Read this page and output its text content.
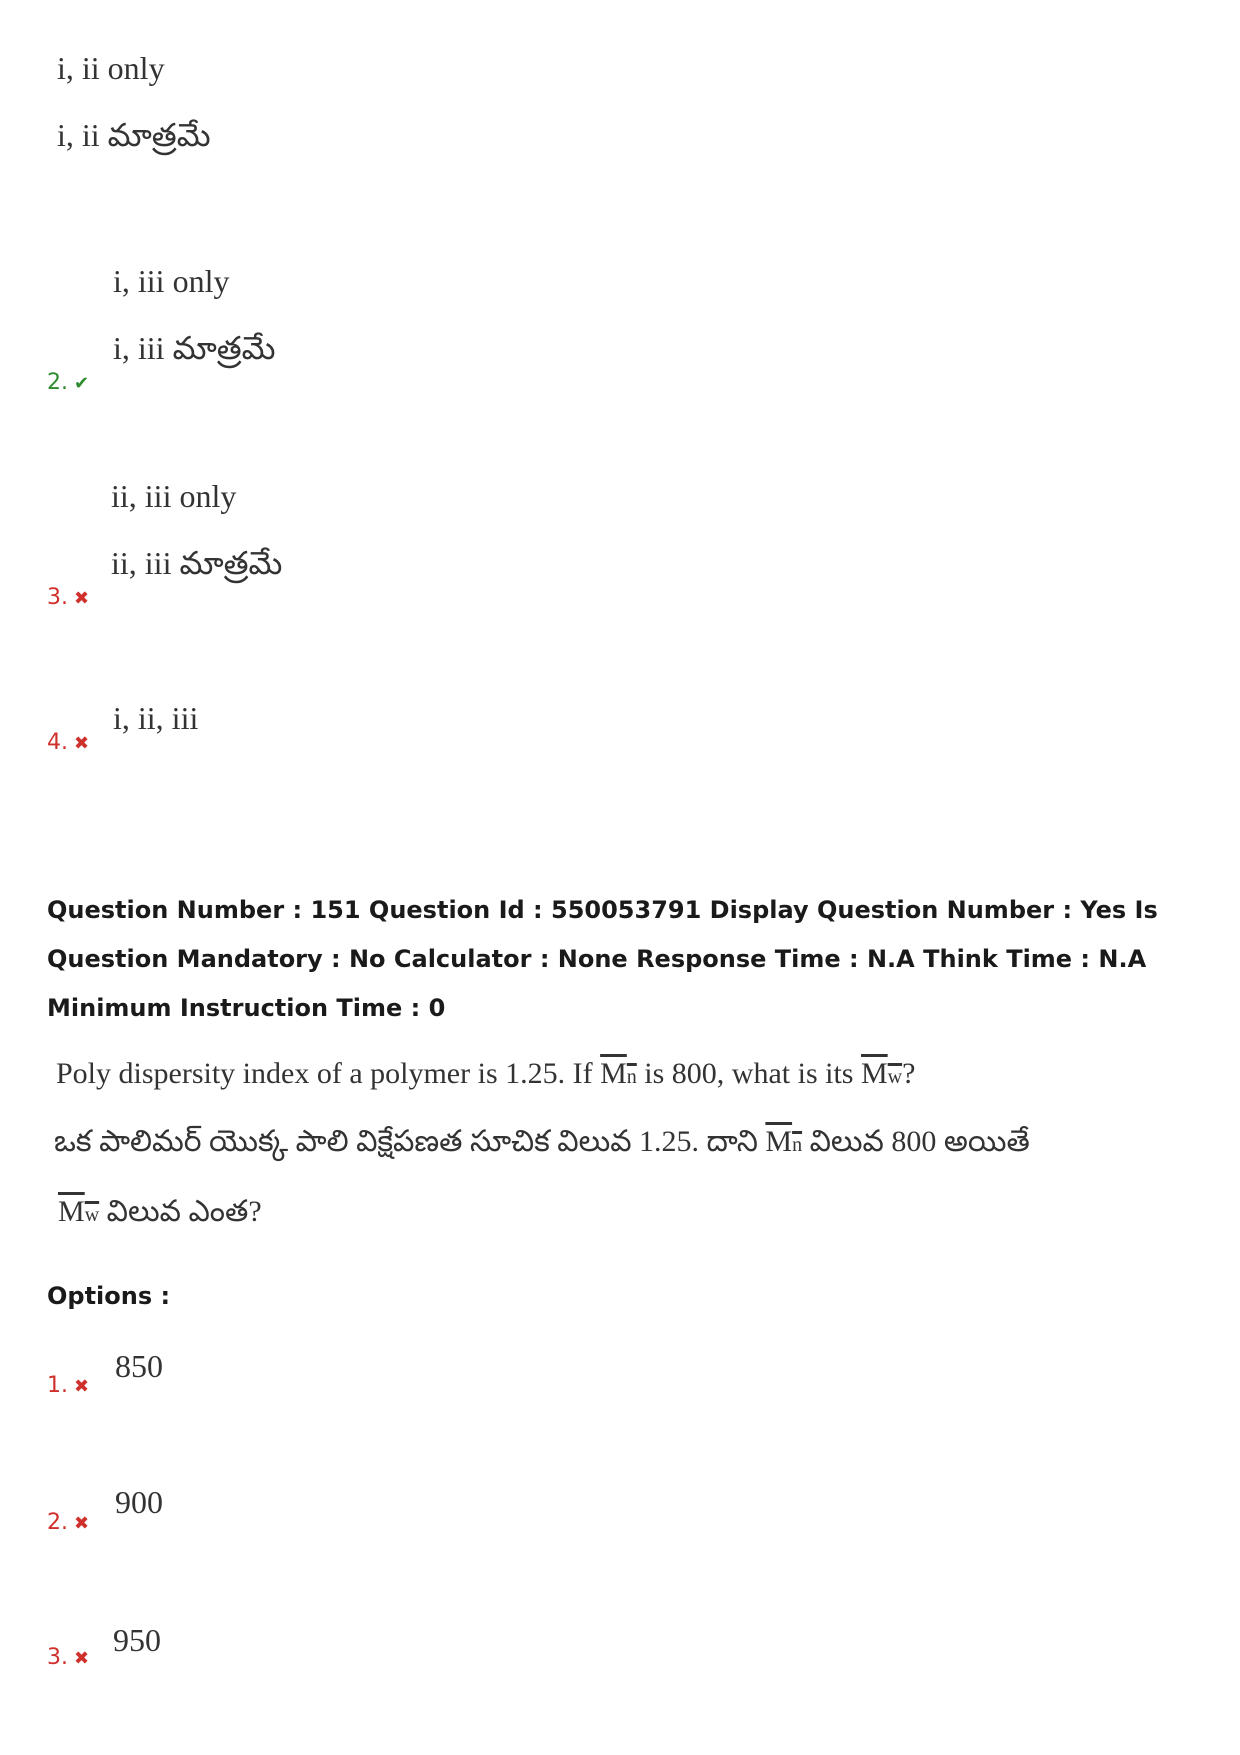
i, ii only
i, ii మాత్రమే
i, iii only
i, iii మాత్రమే
2. ✔
ii, iii only
ii, iii మాత్రమే
3. ✖
i, ii, iii
4. ✖
Question Number : 151 Question Id : 550053791 Display Question Number : Yes Is Question Mandatory : No Calculator : None Response Time : N.A Think Time : N.A Minimum Instruction Time : 0
Poly dispersity index of a polymer is 1.25. If Mn is 800, what is its Mw?
ఒక పాలిమర్ యొక్క పాలి విక్షేపణత సూచిక విలువ 1.25. దాని Mn విలువ 800 అయితే
Mw విలువ ఎంత?
Options :
850
1. ✖
900
2. ✖
950
3. ✖
